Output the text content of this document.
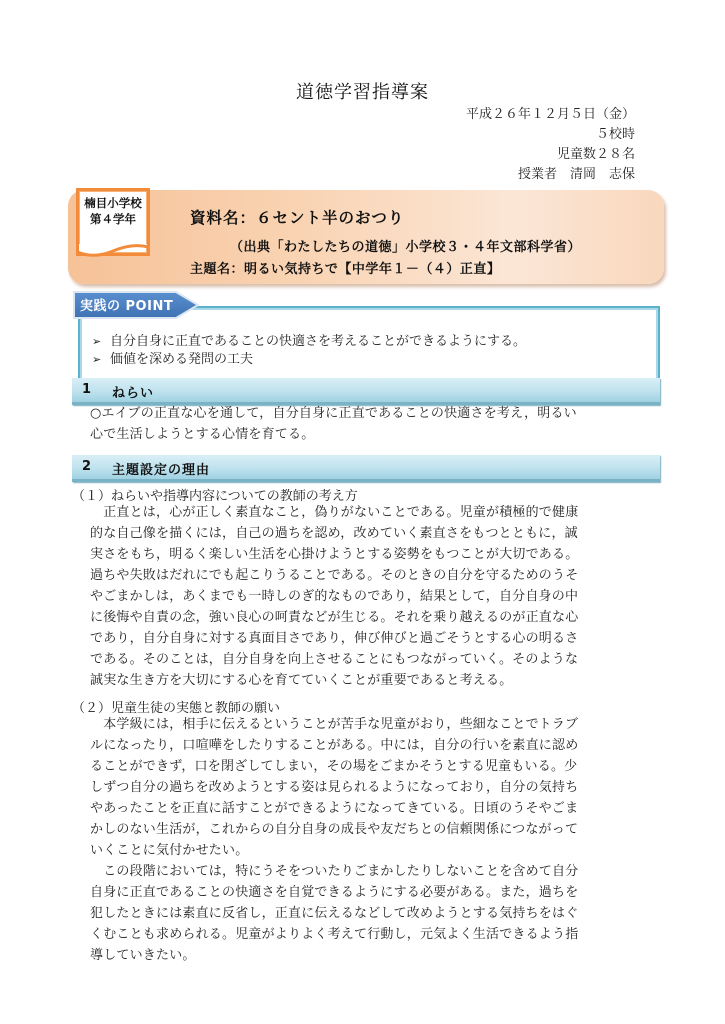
道徳学習指導案
平成２６年１２月５日（金）
５校時
児童数２８名
授業者　清岡　志保
楠目小学校
第４学年	資料名：６セント半のおつり
（出典「わたしたちの道徳」小学校３・４年文部科学省）
主題名：明るい気持ちで【中学年１－（４）正直】
実践の POINT
➢ 自分自身に正直であることの快適さを考えることができるようにする。
➢ 価値を深める発問の工夫
1 ねらい
○エイブの正直な心を通して，自分自身に正直であることの快適さを考え，明るい
心で生活しようとする心情を育てる。
2 主題設定の理由
（１）ねらいや指導内容についての教師の考え方
　正直とは，心が正しく素直なこと，偽りがないことである。児童が積極的で健康
的な自己像を描くには，自己の過ちを認め，改めていく素直さをもつとともに，誠
実さをもち，明るく楽しい生活を心掛けようとする姿勢をもつことが大切である。
過ちや失敗はだれにでも起こりうることである。そのときの自分を守るためのうそ
やごまかしは，あくまでも一時しのぎ的なものであり，結果として，自分自身の中
に後悔や自責の念，強い良心の呵責などが生じる。それを乗り越えるのが正直な心
であり，自分自身に対する真面目さであり，伸び伸びと過ごそうとする心の明るさ
である。そのことは，自分自身を向上させることにもつながっていく。そのような
誠実な生き方を大切にする心を育てていくことが重要であると考える。
（２）児童生徒の実態と教師の願い
　本学級には，相手に伝えるということが苦手な児童がおり，些細なことでトラブ
ルになったり，口喧嘩をしたりすることがある。中には，自分の行いを素直に認め
ることができず，口を閉ざしてしまい，その場をごまかそうとする児童もいる。少
しずつ自分の過ちを改めようとする姿は見られるようになっており，自分の気持ち
やあったことを正直に話すことができるようになってきている。日頃のうそやごま
かしのない生活が，これからの自分自身の成長や友だちとの信頼関係につながって
いくことに気付かせたい。
　この段階においては，特にうそをついたりごまかしたりしないことを含めて自分
自身に正直であることの快適さを自覚できるようにする必要がある。また，過ちを
犯したときには素直に反省し，正直に伝えるなどして改めようとする気持ちをはぐ
くむことも求められる。児童がよりよく考えて行動し，元気よく生活できるよう指
導していきたい。
